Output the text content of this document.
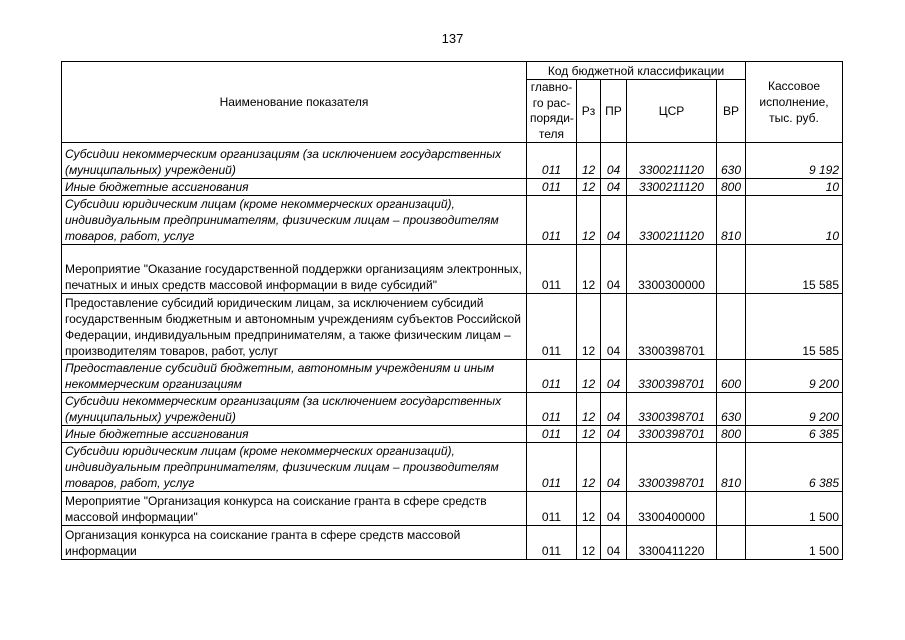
137
Наименование показателя	Код бюджетной классификации					Кассовое исполнение, тыс. руб.
	главно-го рас-поряди-теля	Рз	ПР	ЦСР	ВР	
Субсидии некоммерческим организациям (за исключением государственных (муниципальных) учреждений)	011	12	04	3300211120	630	9 192
Иные бюджетные ассигнования	011	12	04	3300211120	800	10
Субсидии юридическим лицам (кроме некоммерческих организаций), индивидуальным предпринимателям, физическим лицам – производителям товаров, работ, услуг	011	12	04	3300211120	810	10
Мероприятие "Оказание государственной поддержки организациям электронных, печатных и иных средств массовой информации в виде субсидий"	011	12	04	3300300000		15 585
Предоставление субсидий юридическим лицам, за исключением субсидий государственным бюджетным и автономным учреждениям субъектов Российской Федерации, индивидуальным предпринимателям, а также физическим лицам – производителям товаров, работ, услуг	011	12	04	3300398701		15 585
Предоставление субсидий бюджетным, автономным учреждениям и иным некоммерческим организациям	011	12	04	3300398701	600	9 200
Субсидии некоммерческим организациям (за исключением государственных (муниципальных) учреждений)	011	12	04	3300398701	630	9 200
Иные бюджетные ассигнования	011	12	04	3300398701	800	6 385
Субсидии юридическим лицам (кроме некоммерческих организаций), индивидуальным предпринимателям, физическим лицам – производителям товаров, работ, услуг	011	12	04	3300398701	810	6 385
Мероприятие "Организация конкурса на соискание гранта в сфере средств массовой информации"	011	12	04	3300400000		1 500
Организация конкурса на соискание гранта в сфере средств массовой информации	011	12	04	3300411220		1 500
